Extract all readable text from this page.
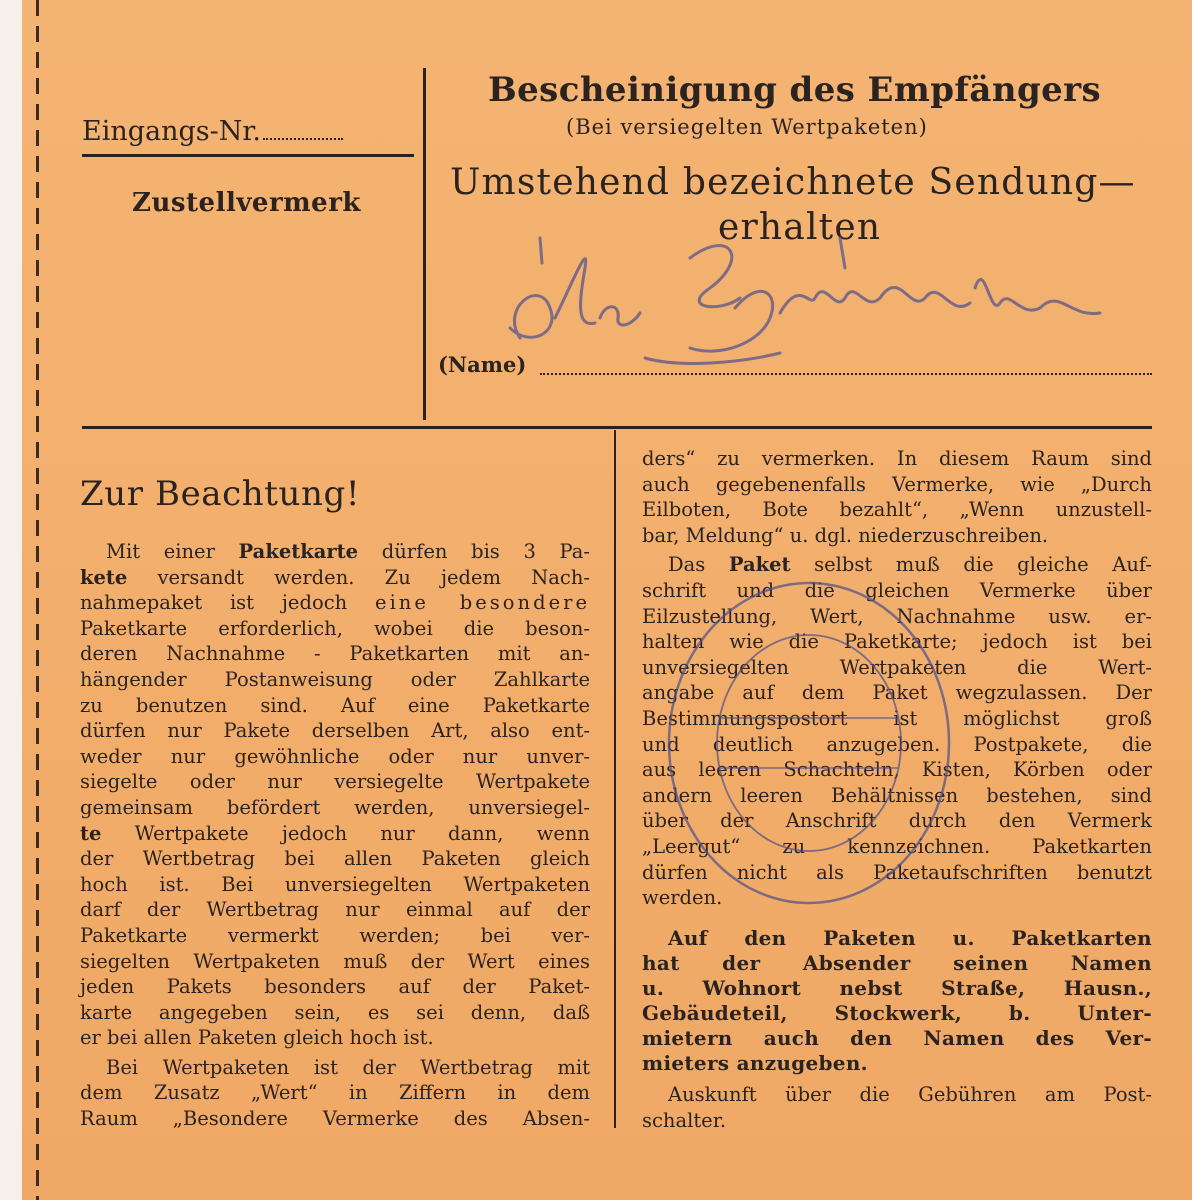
Eingangs-Nr.
Zustellvermerk
Bescheinigung des Empfängers
(Bei versiegelten Wertpaketen)
Umstehend bezeichnete Sendung—
erhalten
(Name)
Zur Beachtung!
Mit einer Paketkarte dürfen bis 3 Pa-
kete versandt werden. Zu jedem Nach-
nahmepaket ist jedoch eine besondere
Paketkarte erforderlich, wobei die beson-
deren Nachnahme - Paketkarten mit an-
hängender Postanweisung oder Zahlkarte
zu benutzen sind. Auf eine Paketkarte
dürfen nur Pakete derselben Art, also ent-
weder nur gewöhnliche oder nur unver-
siegelte oder nur versiegelte Wertpakete
gemeinsam befördert werden, unversiegel-
te Wertpakete jedoch nur dann, wenn
der Wertbetrag bei allen Paketen gleich
hoch ist. Bei unversiegelten Wertpaketen
darf der Wertbetrag nur einmal auf der
Paketkarte vermerkt werden; bei ver-
siegelten Wertpaketen muß der Wert eines
jeden Pakets besonders auf der Paket-
karte angegeben sein, es sei denn, daß
er bei allen Paketen gleich hoch ist.
Bei Wertpaketen ist der Wertbetrag mit
dem Zusatz „Wert“ in Ziffern in dem
Raum „Besondere Vermerke des Absen-
ders“ zu vermerken. In diesem Raum sind
auch gegebenenfalls Vermerke, wie „Durch
Eilboten, Bote bezahlt“, „Wenn unzustell-
bar, Meldung“ u. dgl. niederzuschreiben.
Das Paket selbst muß die gleiche Auf-
schrift und die gleichen Vermerke über
Eilzustellung, Wert, Nachnahme usw. er-
halten wie die Paketkarte; jedoch ist bei
unversiegelten Wertpaketen die Wert-
angabe auf dem Paket wegzulassen. Der
Bestimmungspostort ist möglichst groß
und deutlich anzugeben. Postpakete, die
aus leeren Schachteln, Kisten, Körben oder
andern leeren Behältnissen bestehen, sind
über der Anschrift durch den Vermerk
„Leergut“ zu kennzeichnen. Paketkarten
dürfen nicht als Paketaufschriften benutzt
werden.
Auf den Paketen u. Paketkarten
hat der Absender seinen Namen
u. Wohnort nebst Straße, Hausn.,
Gebäudeteil, Stockwerk, b. Unter-
mietern auch den Namen des Ver-
mieters anzugeben.
Auskunft über die Gebühren am Post-
schalter.
